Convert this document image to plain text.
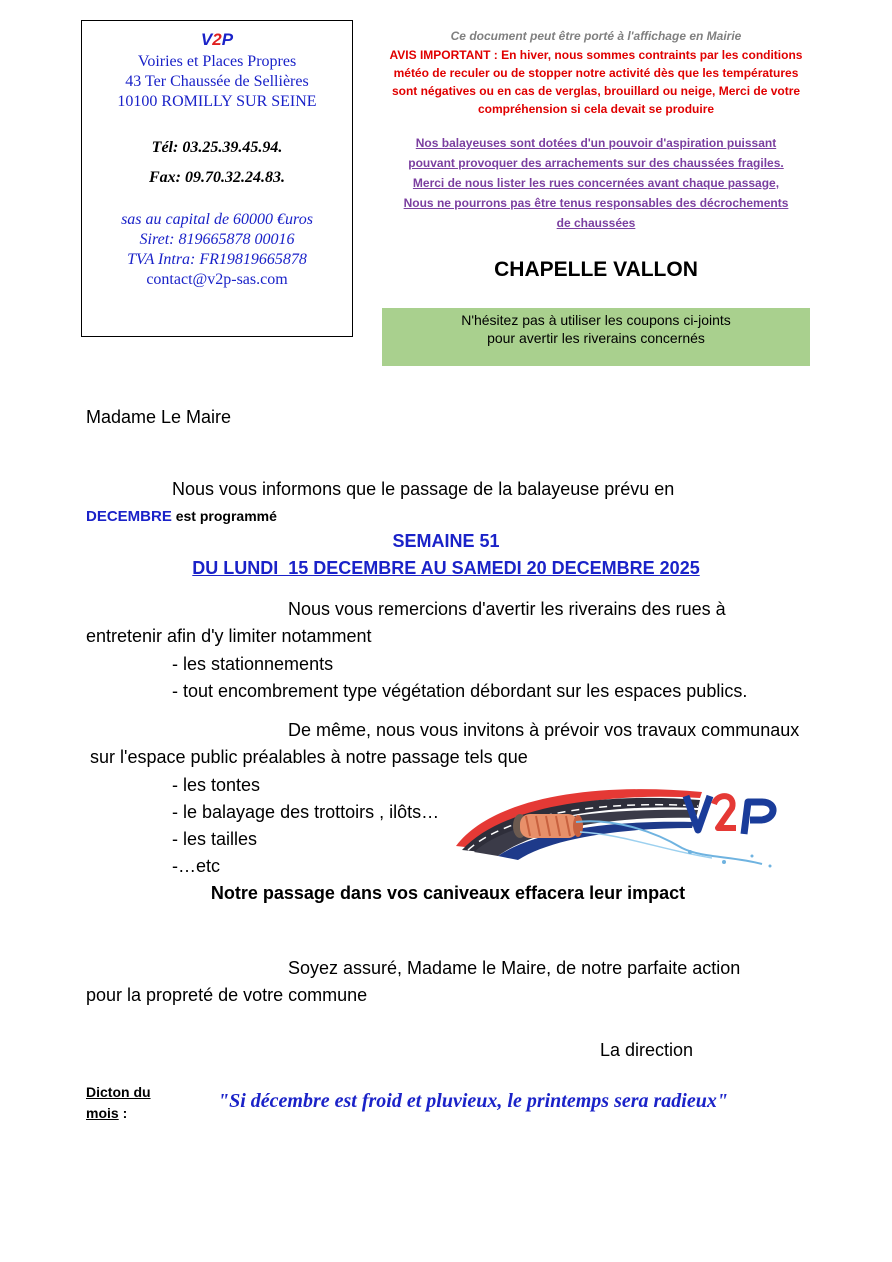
V2P
Voiries et Places Propres
43 Ter Chaussée de Sellières
10100 ROMILLY SUR SEINE
Tél: 03.25.39.45.94.
Fax: 09.70.32.24.83.
sas au capital de 60000 €uros
Siret: 819665878 00016
TVA Intra: FR19819665878
contact@v2p-sas.com
Ce document peut être porté à l'affichage en Mairie
AVIS IMPORTANT : En hiver, nous sommes contraints par les conditions météo de reculer ou de stopper notre activité dès que les températures sont négatives ou en cas de verglas, brouillard ou neige, Merci de votre compréhension si cela devait se produire
Nos balayeuses sont dotées d'un pouvoir d'aspiration puissant
pouvant provoquer des arrachements sur des chaussées fragiles.
Merci de nous lister les rues concernées avant chaque passage,
Nous ne pourrons pas être tenus responsables des décrochements
de chaussées
CHAPELLE VALLON
N'hésitez pas à utiliser les coupons ci-joints
pour avertir les riverains concernés
Madame Le Maire
Nous vous informons que le passage de la balayeuse prévu en
DECEMBRE est programmé
SEMAINE 51
DU LUNDI  15 DECEMBRE AU SAMEDI 20 DECEMBRE 2025
Nous vous remercions d'avertir les riverains des rues à
entretenir afin d'y limiter notamment
- les stationnements
- tout encombrement type végétation débordant sur les espaces publics.
De même, nous vous invitons à prévoir vos travaux communaux
sur l'espace public préalables à notre passage tels que
- les tontes
- le balayage des trottoirs , ilôts…
- les tailles
-…etc
Notre passage dans vos caniveaux effacera leur impact
Soyez assuré, Madame le Maire, de notre parfaite action
pour la propreté de votre commune
La direction
Dicton du
mois :
"Si décembre est froid et pluvieux, le printemps sera radieux"
